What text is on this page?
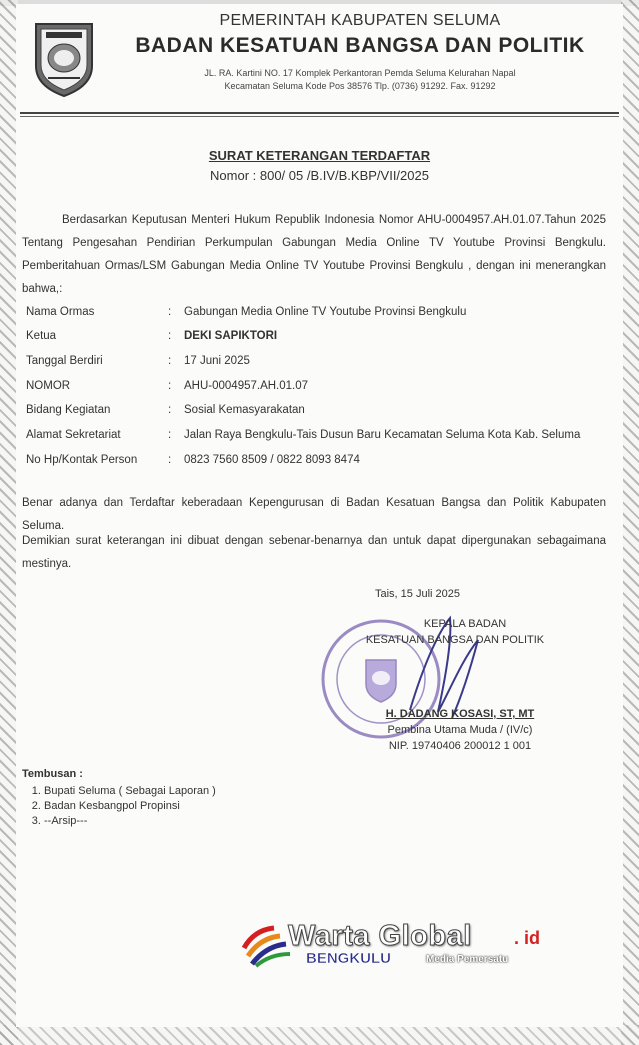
PEMERINTAH KABUPATEN SELUMA
BADAN KESATUAN BANGSA DAN POLITIK
JL. RA. Kartini NO. 17 Komplek Perkantoran Pemda Seluma Kelurahan Napal
Kecamatan Seluma Kode Pos 38576 Tlp. (0736) 91292. Fax. 91292
SURAT KETERANGAN TERDAFTAR
Nomor : 800/ 05 /B.IV/B.KBP/VII/2025
Berdasarkan Keputusan Menteri Hukum Republik Indonesia Nomor AHU-0004957.AH.01.07.Tahun 2025 Tentang Pengesahan Pendirian Perkumpulan Gabungan Media Online TV Youtube Provinsi Bengkulu. Pemberitahuan Ormas/LSM Gabungan Media Online TV Youtube Provinsi Bengkulu , dengan ini menerangkan bahwa,:
Nama Ormas	: Gabungan Media Online TV Youtube Provinsi Bengkulu
Ketua	: DEKI SAPIKTORI
Tanggal Berdiri	: 17 Juni 2025
NOMOR	: AHU-0004957.AH.01.07
Bidang Kegiatan	: Sosial Kemasyarakatan
Alamat Sekretariat	: Jalan Raya Bengkulu-Tais Dusun Baru Kecamatan Seluma Kota Kab. Seluma
No Hp/Kontak Person	: 0823 7560 8509 / 0822 8093 8474
Benar adanya dan Terdaftar keberadaan Kepengurusan di Badan Kesatuan Bangsa dan Politik Kabupaten Seluma.
Demikian surat keterangan ini dibuat dengan sebenar-benarnya dan untuk dapat dipergunakan sebagaimana mestinya.
Tais, 15 Juli 2025
KEPALA BADAN
KESATUAN BANGSA DAN POLITIK
H. DADANG KOSASI, ST, MT
Pembina Utama Muda / (IV/c)
NIP. 19740406 200012 1 001
Tembusan :
1. Bupati Seluma ( Sebagai Laporan )
2. Badan Kesbangpol Propinsi
3. --Arsip---
Warta Global . id
BENGKULU	Media Pemersatu
